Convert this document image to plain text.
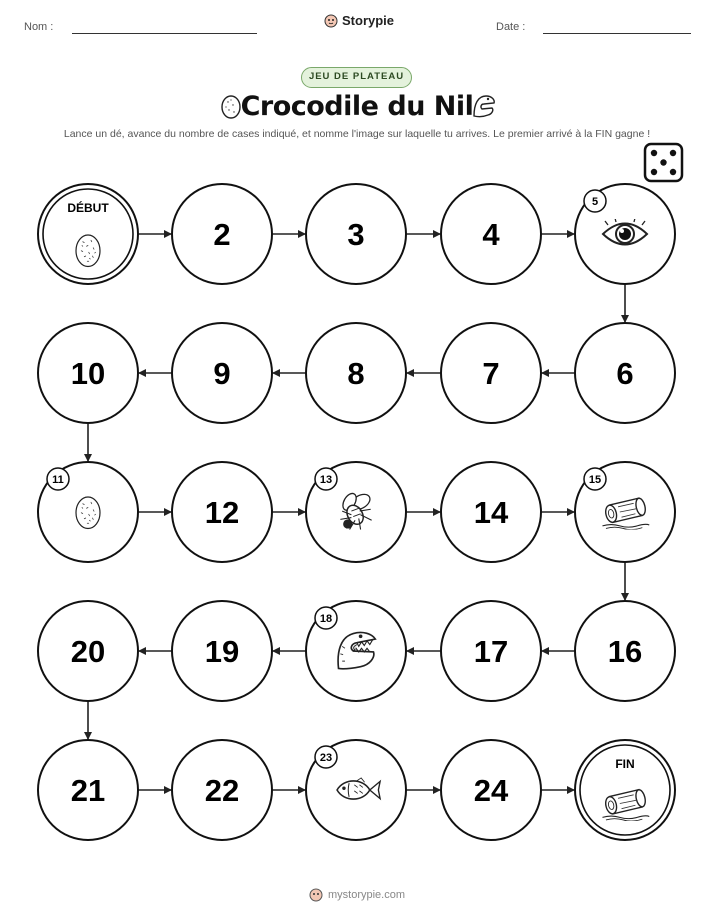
Nom :	Storypie	Date :
JEU DE PLATEAU
Crocodile du Nil
Lance un dé, avance du nombre de cases indiqué, et nomme l'image sur laquelle tu arrives. Le premier arrivé à la FIN gagne !
DÉBUT
2	3	4
5
6
7
8
9
10
11
12
13
14
15
16
17
18
19
20
21	22
23
24
FIN
mystorypie.com
